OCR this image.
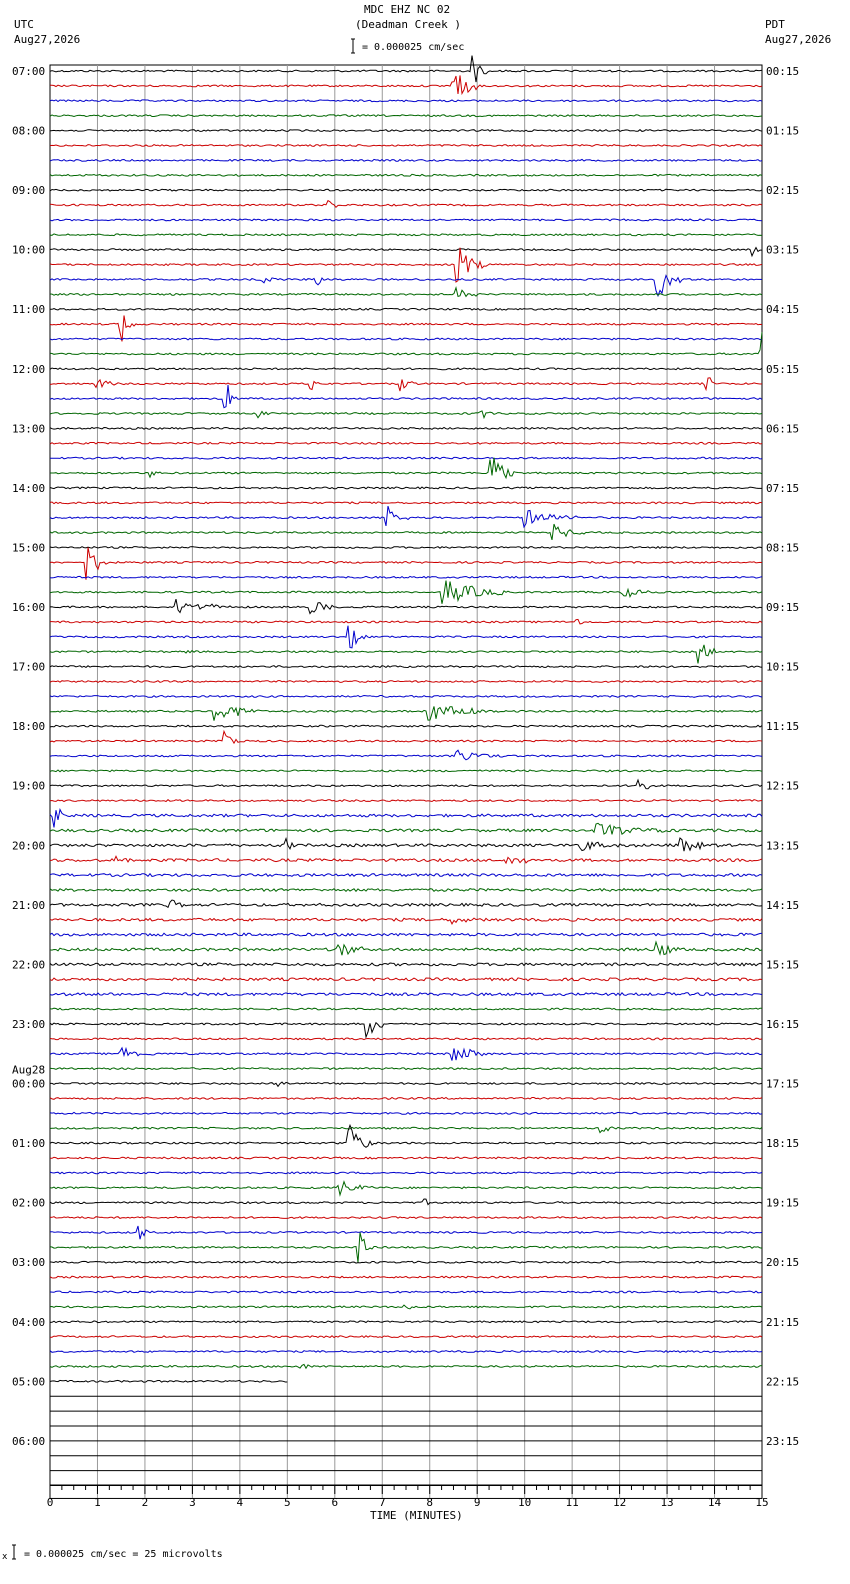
07:00
08:00
09:00
10:00
11:00
12:00
13:00
14:00
15:00
16:00
17:00
18:00
19:00
20:00
21:00
22:00
23:00
00:00
01:00
02:00
03:00
04:00
05:00
06:00
00:15
01:15
02:15
03:15
04:15
05:15
06:15
07:15
08:15
09:15
10:15
11:15
12:15
13:15
14:15
15:15
16:15
17:15
18:15
19:15
20:15
21:15
22:15
23:15
Aug28
0	1	2	3	4	5	6	7	8	9	10	11	12	13	14	15
x
MDC EHZ NC 02
(Deadman Creek )
UTC
Aug27,2026
PDT
Aug27,2026
= 0.000025 cm/sec
= 0.000025 cm/sec = 25 microvolts
TIME (MINUTES)
